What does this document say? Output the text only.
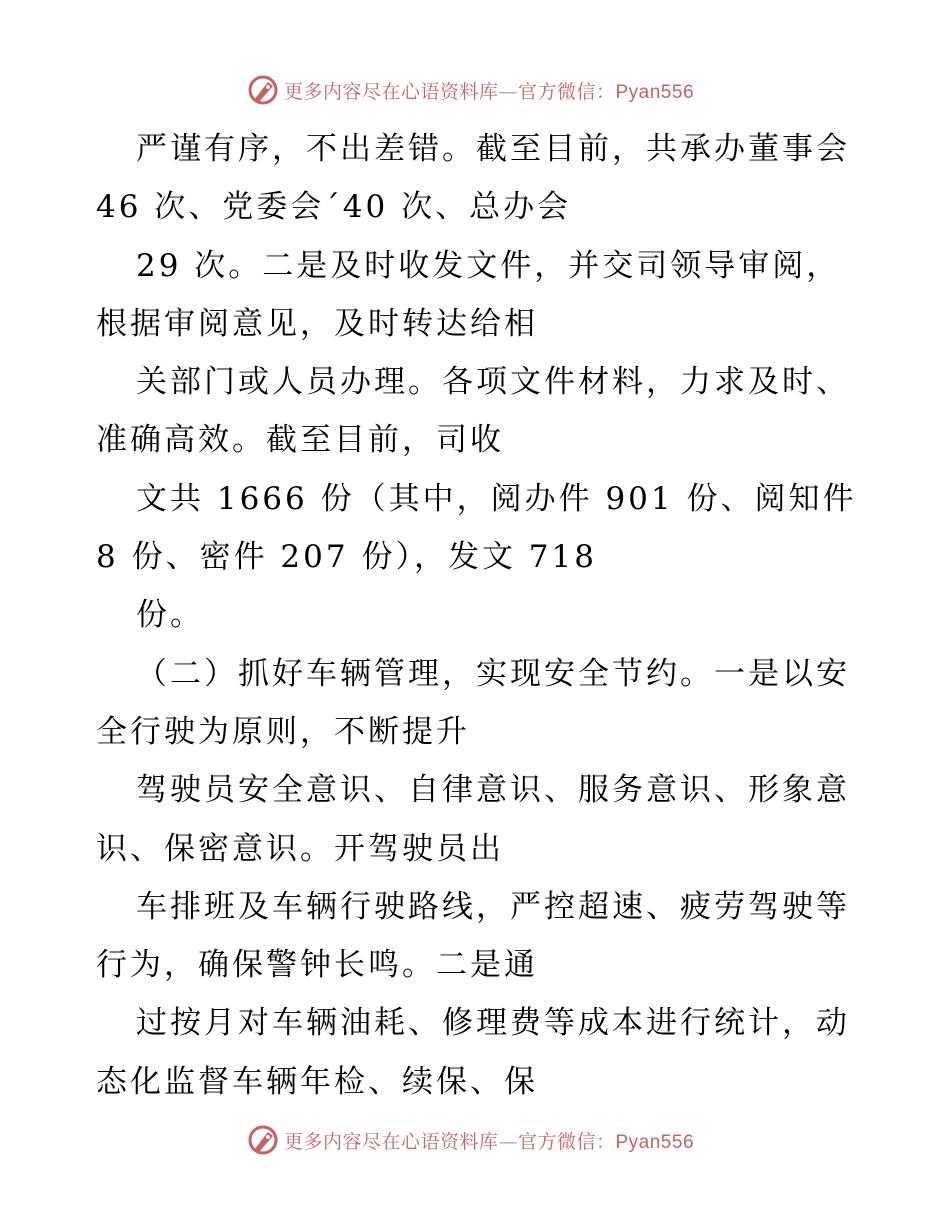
更多内容尽在心语资料库—官方微信：Pyan556
严谨有序，不出差错。截至目前，共承办董事会
46 次、党委会´40 次、总办会
29 次。二是及时收发文件，并交司领导审阅，
根据审阅意见，及时转达给相
关部门或人员办理。各项文件材料，力求及时、
准确高效。截至目前，司收
文共 1666 份（其中，阅办件 901 份、阅知件
8 份、密件 207 份），发文 718
份。
（二）抓好车辆管理，实现安全节约。一是以安
全行驶为原则，不断提升
驾驶员安全意识、自律意识、服务意识、形象意
识、保密意识。开驾驶员出
车排班及车辆行驶路线，严控超速、疲劳驾驶等
行为，确保警钟长鸣。二是通
过按月对车辆油耗、修理费等成本进行统计，动
态化监督车辆年检、续保、保
更多内容尽在心语资料库—官方微信：Pyan556
